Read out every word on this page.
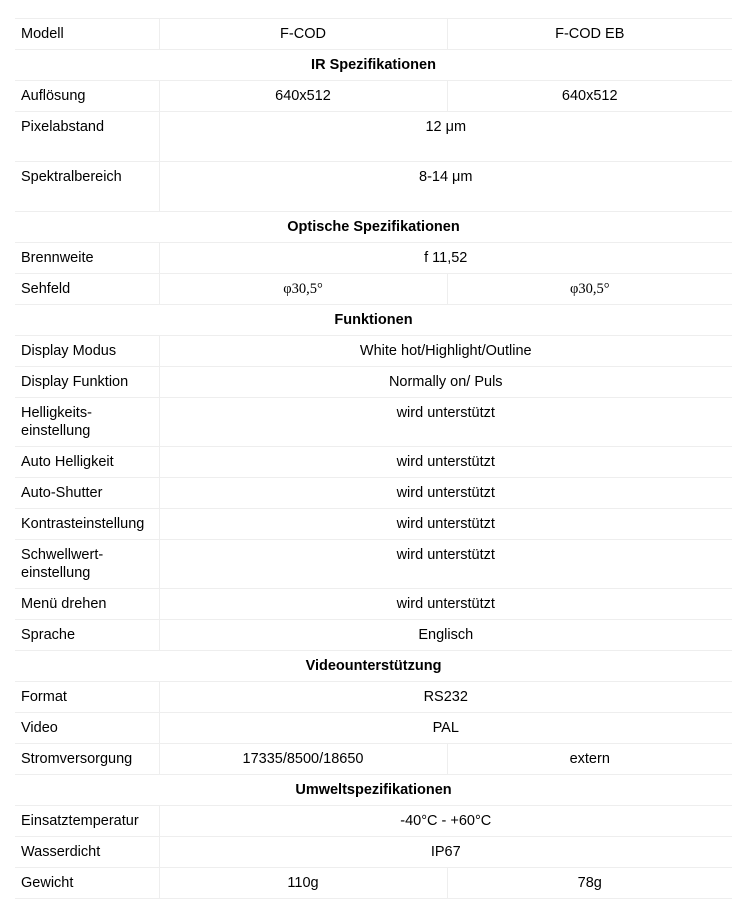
Modell	F-COD	F-COD EB
IR Spezifikationen		
Auflösung	640x512	640x512
Pixelabstand	12 μm	
Spektralbereich	8-14 μm	
Optische Spezifikationen		
Brennweite	f 11,52	
Sehfeld	φ30,5°	φ30,5°
Funktionen		
Display Modus	White hot/Highlight/Outline	
Display Funktion	Normally on/ Puls	
Helligkeits-
einstellung	wird unterstützt	
Auto Helligkeit	wird unterstützt	
Auto-Shutter	wird unterstützt	
Kontrasteinstellung	wird unterstützt	
Schwellwert-
einstellung	wird unterstützt	
Menü drehen	wird unterstützt	
Sprache	Englisch	
Videounterstützung		
Format	RS232	
Video	PAL	
Stromversorgung	17335/8500/18650	extern
Umweltspezifikationen		
Einsatztemperatur	-40°C - +60°C	
Wasserdicht	IP67	
Gewicht	110g	78g
